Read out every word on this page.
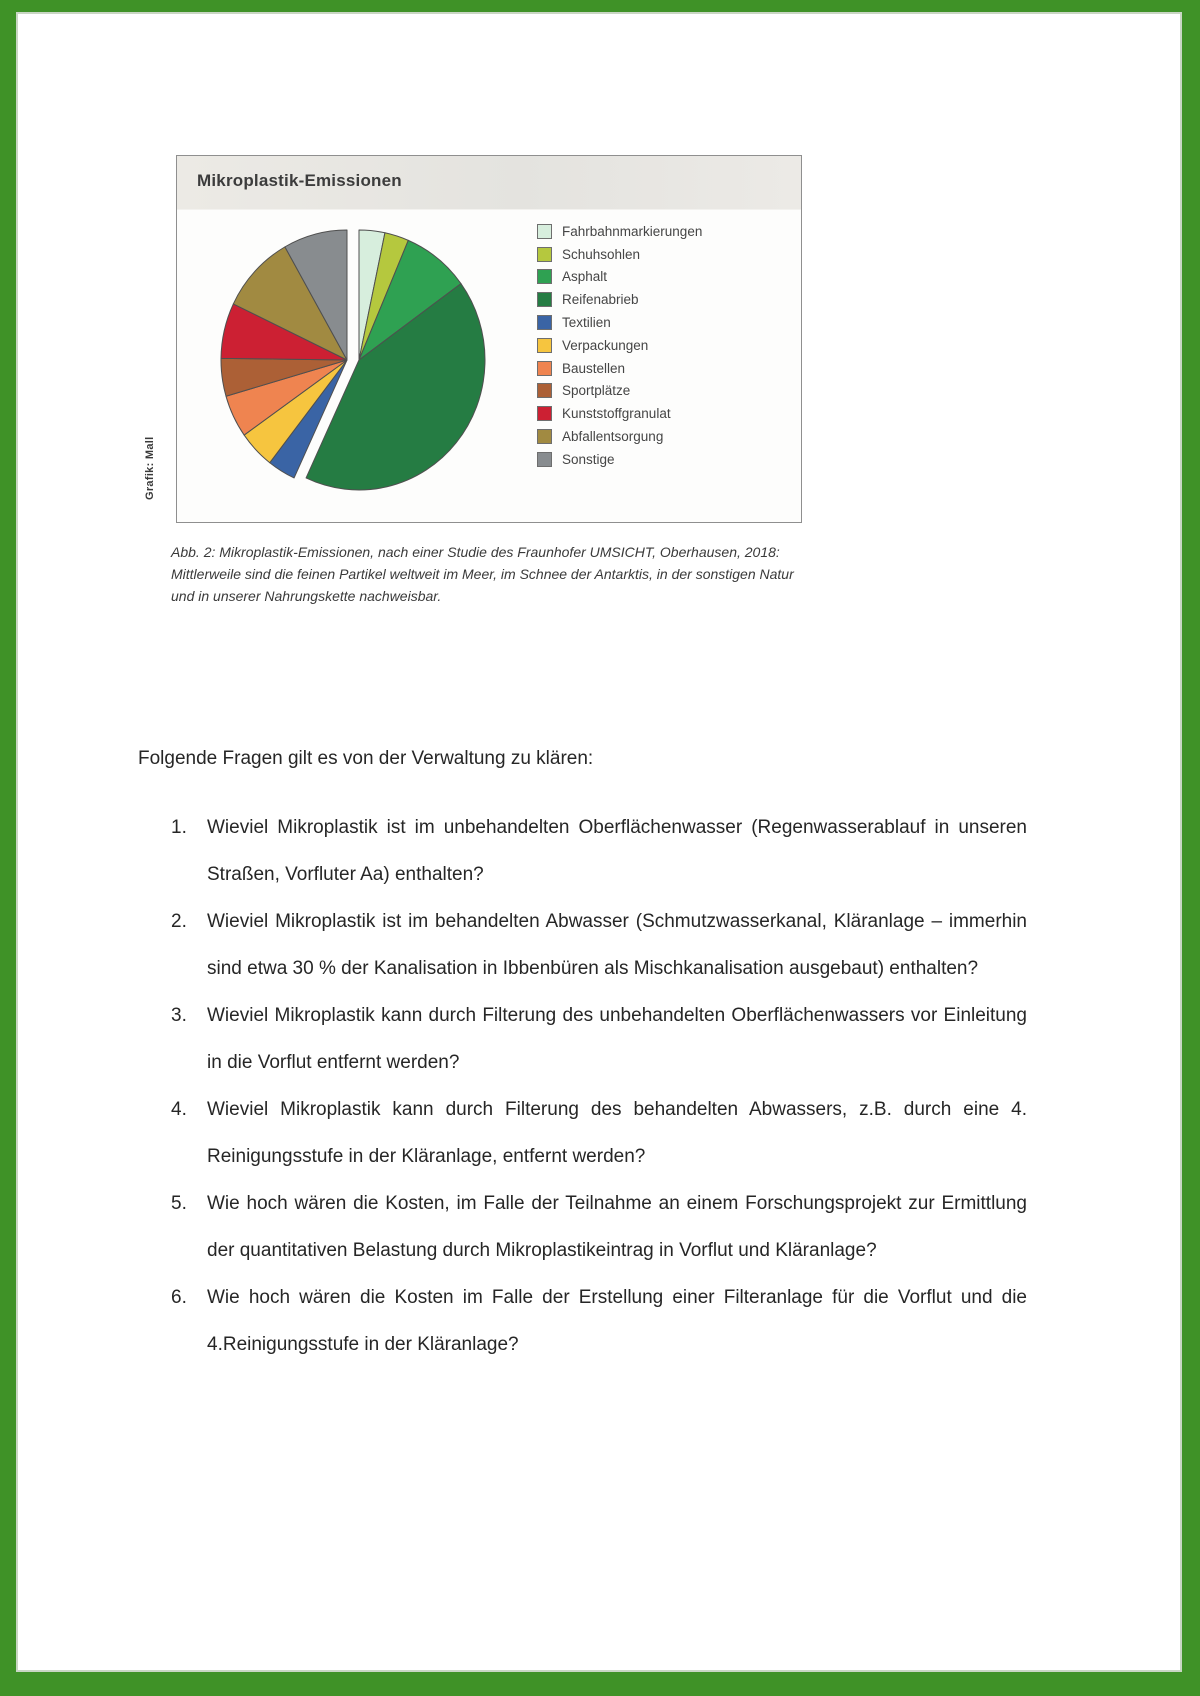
Mikroplastik-Emissionen
Fahrbahnmarkierungen
Schuhsohlen
Asphalt
Reifenabrieb
Textilien
Verpackungen
Baustellen
Sportplätze
Kunststoffgranulat
Abfallentsorgung
Sonstige
Grafik: Mall
Abb. 2: Mikroplastik-Emissionen, nach einer Studie des Fraunhofer UMSICHT, Oberhausen, 2018: Mittlerweile sind die feinen Partikel weltweit im Meer, im Schnee der Antarktis, in der sonstigen Natur und in unserer Nahrungskette nachweisbar.
Folgende Fragen gilt es von der Verwaltung zu klären:
1. Wieviel Mikroplastik ist im unbehandelten Oberflächenwasser (Regenwasserablauf in unseren Straßen, Vorfluter Aa) enthalten?
2. Wieviel Mikroplastik ist im behandelten Abwasser (Schmutzwasserkanal, Kläranlage – immerhin sind etwa 30 % der Kanalisation in Ibbenbüren als Mischkanalisation ausgebaut) enthalten?
3. Wieviel Mikroplastik kann durch Filterung des unbehandelten Oberflächenwassers vor Einleitung in die Vorflut entfernt werden?
4. Wieviel Mikroplastik kann durch Filterung des behandelten Abwassers, z.B. durch eine 4. Reinigungsstufe in der Kläranlage, entfernt werden?
5. Wie hoch wären die Kosten, im Falle der Teilnahme an einem Forschungsprojekt zur Ermittlung der quantitativen Belastung durch Mikroplastikeintrag in Vorflut und Kläranlage?
6. Wie hoch wären die Kosten im Falle der Erstellung einer Filteranlage für die Vorflut und die 4.Reinigungsstufe in der Kläranlage?
